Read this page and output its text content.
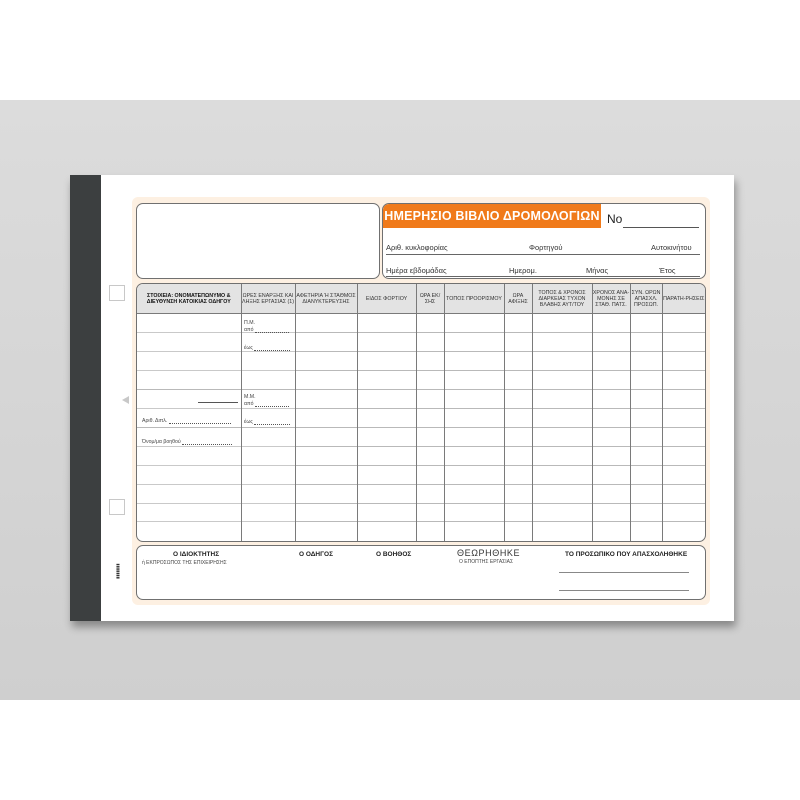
ΗΜΕΡΗΣΙΟ ΒΙΒΛΙΟ ΔΡΟΜΟΛΟΓΙΩΝ No
Αριθ. κυκλοφορίας	Φορτηγού	Αυτοκινήτου
Ημέρα εβδομάδας	Ημερομ.	Μήνας	Έτος
ΣΤΟΙΧΕΙΑ: ΟΝΟΜΑΤΕΠΩΝΥΜΟ & ΔΙΕΥΘΥΝΣΗ ΚΑΤΟΙΚΙΑΣ ΟΔΗΓΟΥ	ΩΡΕΣ ΕΝΑΡΞΗΣ ΚΑΙ ΛΗΞΗΣ ΕΡΓΑΣΙΑΣ (1)	ΑΦΕΤΗΡΙΑ Ή ΣΤΑΘΜΟΣ ΔΙΑΝΥΚΤΕΡΕΥΣΗΣ	ΕΙΔΟΣ ΦΟΡΤΙΟΥ	ΩΡΑ ΕΚ/ΣΗΣ	ΤΟΠΟΣ ΠΡΟΟΡΙΣΜΟΥ	ΩΡΑ ΑΦΙΞΗΣ	ΤΟΠΟΣ & ΧΡΟΝΟΣ ΔΙΑΡΚΕΙΑΣ ΤΥΧΟΝ ΒΛΑΒΗΣ ΑΥΤ/ΤΟΥ	ΧΡΟΝΟΣ ΑΝΑ-ΜΟΝΗΣ ΣΕ ΣΤΑΘ. ΠΑΤΣ.	ΣΥΝ. ΩΡΩΝ ΑΠΑΣΧΛ. ΠΡΟΣΩΠ.	ΠΑΡΑΤΗ-ΡΗΣΕΙΣ

Π.Μ.
από
έως
Μ.Μ.
από
έως
Αριθ. Διπλ.
Όνομ/μα βοηθού
Ο ΙΔΙΟΚΤΗΤΗΣ
ή ΕΚΠΡΟΣΩΠΟΣ ΤΗΣ ΕΠΙΧΕΙΡΗΣΗΣ
Ο ΟΔΗΓΟΣ	Ο ΒΟΗΘΟΣ	ΘΕΩΡΗΘΗΚΕ
Ο ΕΠΟΠΤΗΣ ΕΡΓΑΣΙΑΣ
ΤΟ ΠΡΟΣΩΠΙΚΟ ΠΟΥ ΑΠΑΣΧΟΛΗΘΗΚΕ
▮▮▮▮▮▮▮
